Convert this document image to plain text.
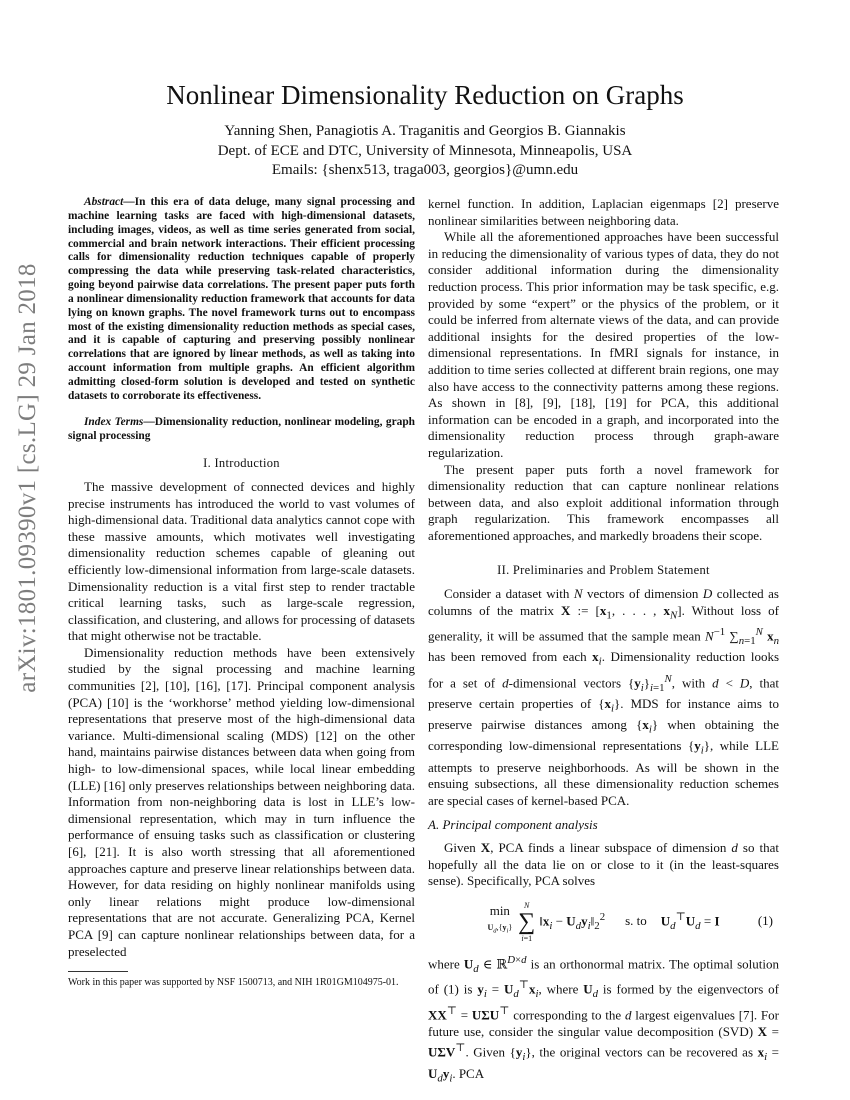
arXiv:1801.09390v1 [cs.LG] 29 Jan 2018
Nonlinear Dimensionality Reduction on Graphs
Yanning Shen, Panagiotis A. Traganitis and Georgios B. Giannakis
Dept. of ECE and DTC, University of Minnesota, Minneapolis, USA
Emails: {shenx513, traga003, georgios}@umn.edu

Abstract—In this era of data deluge, many signal processing and machine learning tasks are faced with high-dimensional datasets, including images, videos, as well as time series generated from social, commercial and brain network interactions. Their efficient processing calls for dimensionality reduction techniques capable of properly compressing the data while preserving task-related characteristics, going beyond pairwise data correlations. The present paper puts forth a nonlinear dimensionality reduction framework that accounts for data lying on known graphs. The novel framework turns out to encompass most of the existing dimensionality reduction methods as special cases, and it is capable of capturing and preserving possibly nonlinear correlations that are ignored by linear methods, as well as taking into account information from multiple graphs. An efficient algorithm admitting closed-form solution is developed and tested on synthetic datasets to corroborate its effectiveness.

Index Terms—Dimensionality reduction, nonlinear modeling, graph signal processing

I. Introduction

The massive development of connected devices and highly precise instruments has introduced the world to vast volumes of high-dimensional data. Traditional data analytics cannot cope with these massive amounts, which motivates well investigating dimensionality reduction schemes capable of gleaning out efficiently low-dimensional information from large-scale datasets. Dimensionality reduction is a vital first step to render tractable critical learning tasks, such as large-scale regression, classification, and clustering, and allows for processing of datasets that might otherwise not be tractable.

Dimensionality reduction methods have been extensively studied by the signal processing and machine learning communities [2], [10], [16], [17]. Principal component analysis (PCA) [10] is the ‘workhorse’ method yielding low-dimensional representations that preserve most of the high-dimensional data variance. Multi-dimensional scaling (MDS) [12] on the other hand, maintains pairwise distances between data when going from high- to low-dimensional spaces, while local linear embedding (LLE) [16] only preserves relationships between neighboring data. Information from non-neighboring data is lost in LLE’s low-dimensional representation, which may in turn influence the performance of ensuing tasks such as classification or clustering [6], [21]. It is also worth stressing that all aforementioned approaches capture and preserve linear relationships between data. However, for data residing on highly nonlinear manifolds using only linear relations might produce low-dimensional representations that are not accurate. Generalizing PCA, Kernel PCA [9] can capture nonlinear relationships between data, for a preselected

Work in this paper was supported by NSF 1500713, and NIH 1R01GM104975-01.

kernel function. In addition, Laplacian eigenmaps [2] preserve nonlinear similarities between neighboring data.

While all the aforementioned approaches have been successful in reducing the dimensionality of various types of data, they do not consider additional information during the dimensionality reduction process. This prior information may be task specific, e.g. provided by some “expert” or the physics of the problem, or it could be inferred from alternate views of the data, and can provide additional insights for the desired properties of the low-dimensional representations. In fMRI signals for instance, in addition to time series collected at different brain regions, one may also have access to the connectivity patterns among these regions. As shown in [8], [9], [18], [19] for PCA, this additional information can be encoded in a graph, and incorporated into the dimensionality reduction process through graph-aware regularization.

The present paper puts forth a novel framework for dimensionality reduction that can capture nonlinear relations between data, and also exploit additional information through graph regularization. This framework encompasses all aforementioned approaches, and markedly broadens their scope.

II. Preliminaries and Problem Statement

Consider a dataset with N vectors of dimension D collected as columns of the matrix X := [$x_1$, . . . , $x_N$]. Without loss of generality, it will be assumed that the sample mean $N^{-1}$ $\sum_{n=1}^N$ $x_n$ has been removed from each $x_i$. Dimensionality reduction looks for a set of d-dimensional vectors $\{y_i\}_{i=1}^N$, with d < D, that preserve certain properties of $\{x_i\}$. MDS for instance aims to preserve pairwise distances among $\{x_i\}$ when obtaining the corresponding low-dimensional representations $\{y_i\}$, while LLE attempts to preserve neighborhoods. As will be shown in the ensuing subsections, all these dimensionality reduction schemes are special cases of kernel-based PCA.

A. Principal component analysis

Given X, PCA finds a linear subspace of dimension d so that hopefully all the data lie on or close to it (in the least-squares sense). Specifically, PCA solves

min
$U_d,\{y_i\}$
N
∑
i=1
$‖x_i$ − $U_dy_i‖_2^2$ s. to $U_d^⊤U_d = I$	(1)

where $U_d$ ∈ ℝ$^{D\times d}$ is an orthonormal matrix. The optimal solution of (1) is $y_i = U_d^⊤x_i$, where $U_d$ is formed by the eigenvectors of XX⊤ = UΣU⊤ corresponding to the d largest eigenvalues [7]. For future use, consider the singular value decomposition (SVD) X = UΣV⊤. Given $\{y_i\}$, the original vectors can be recovered as $x_i = U_dy_i$. PCA
